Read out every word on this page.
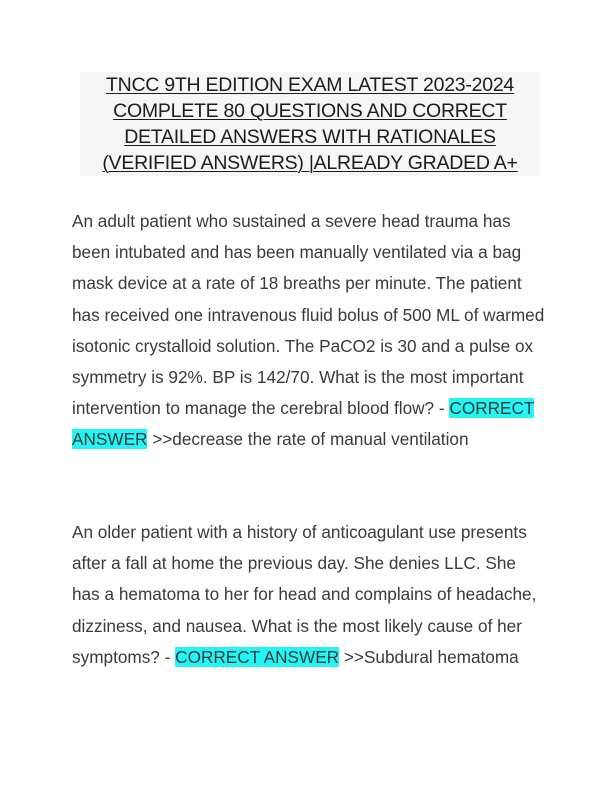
TNCC 9TH EDITION EXAM LATEST 2023-2024
COMPLETE 80 QUESTIONS AND CORRECT
DETAILED ANSWERS WITH RATIONALES
(VERIFIED ANSWERS) |ALREADY GRADED A+
An adult patient who sustained a severe head trauma has been intubated and has been manually ventilated via a bag mask device at a rate of 18 breaths per minute. The patient has received one intravenous fluid bolus of 500 ML of warmed isotonic crystalloid solution. The PaCO2 is 30 and a pulse ox symmetry is 92%. BP is 142/70. What is the most important intervention to manage the cerebral blood flow? - CORRECT ANSWER >>decrease the rate of manual ventilation
An older patient with a history of anticoagulant use presents after a fall at home the previous day. She denies LLC. She has a hematoma to her for head and complains of headache, dizziness, and nausea. What is the most likely cause of her symptoms? - CORRECT ANSWER >>Subdural hematoma
